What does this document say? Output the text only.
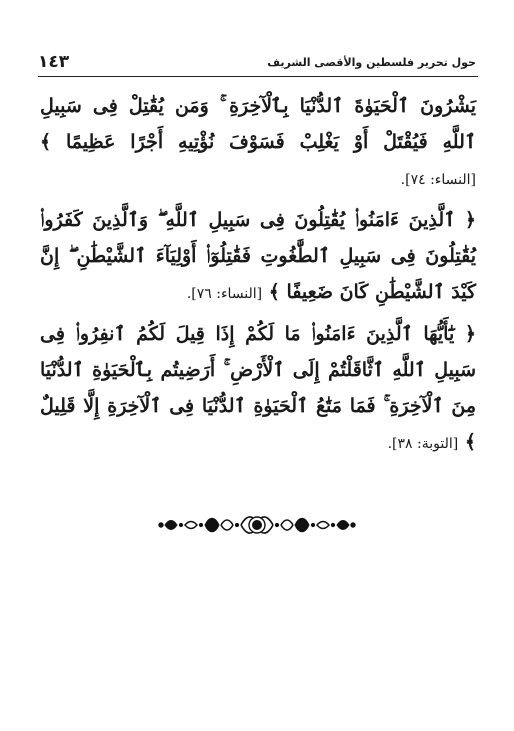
حول تحرير فلسطين والأقصى الشريف
١٤٣

يَشْرُونَ ٱلْحَيَوٰةَ ٱلدُّنْيَا بِٱلْآخِرَةِ ۚ وَمَن يُقَٰتِلْ فِى سَبِيلِ ٱللَّهِ فَيُقْتَلْ أَوْ يَغْلِبْ فَسَوْفَ نُؤْتِيهِ أَجْرًا عَظِيمًا ﴾ [النساء: ٧٤].

﴿ ٱلَّذِينَ ءَامَنُوا۟ يُقَٰتِلُونَ فِى سَبِيلِ ٱللَّهِ ۖ وَٱلَّذِينَ كَفَرُوا۟ يُقَٰتِلُونَ فِى سَبِيلِ ٱلطَّٰغُوتِ فَقَٰتِلُوٓا۟ أَوْلِيَآءَ ٱلشَّيْطَٰنِ ۖ إِنَّ كَيْدَ ٱلشَّيْطَٰنِ كَانَ ضَعِيفًا ﴾ [النساء: ٧٦].

﴿ يَٰٓأَيُّهَا ٱلَّذِينَ ءَامَنُوا۟ مَا لَكُمْ إِذَا قِيلَ لَكُمُ ٱنفِرُوا۟ فِى سَبِيلِ ٱللَّهِ ٱثَّاقَلْتُمْ إِلَى ٱلْأَرْضِ ۚ أَرَضِيتُم بِٱلْحَيَوٰةِ ٱلدُّنْيَا مِنَ ٱلْآخِرَةِ ۚ فَمَا مَتَٰعُ ٱلْحَيَوٰةِ ٱلدُّنْيَا فِى ٱلْآخِرَةِ إِلَّا قَلِيلٌ ﴾ [التوبة: ٣٨].
